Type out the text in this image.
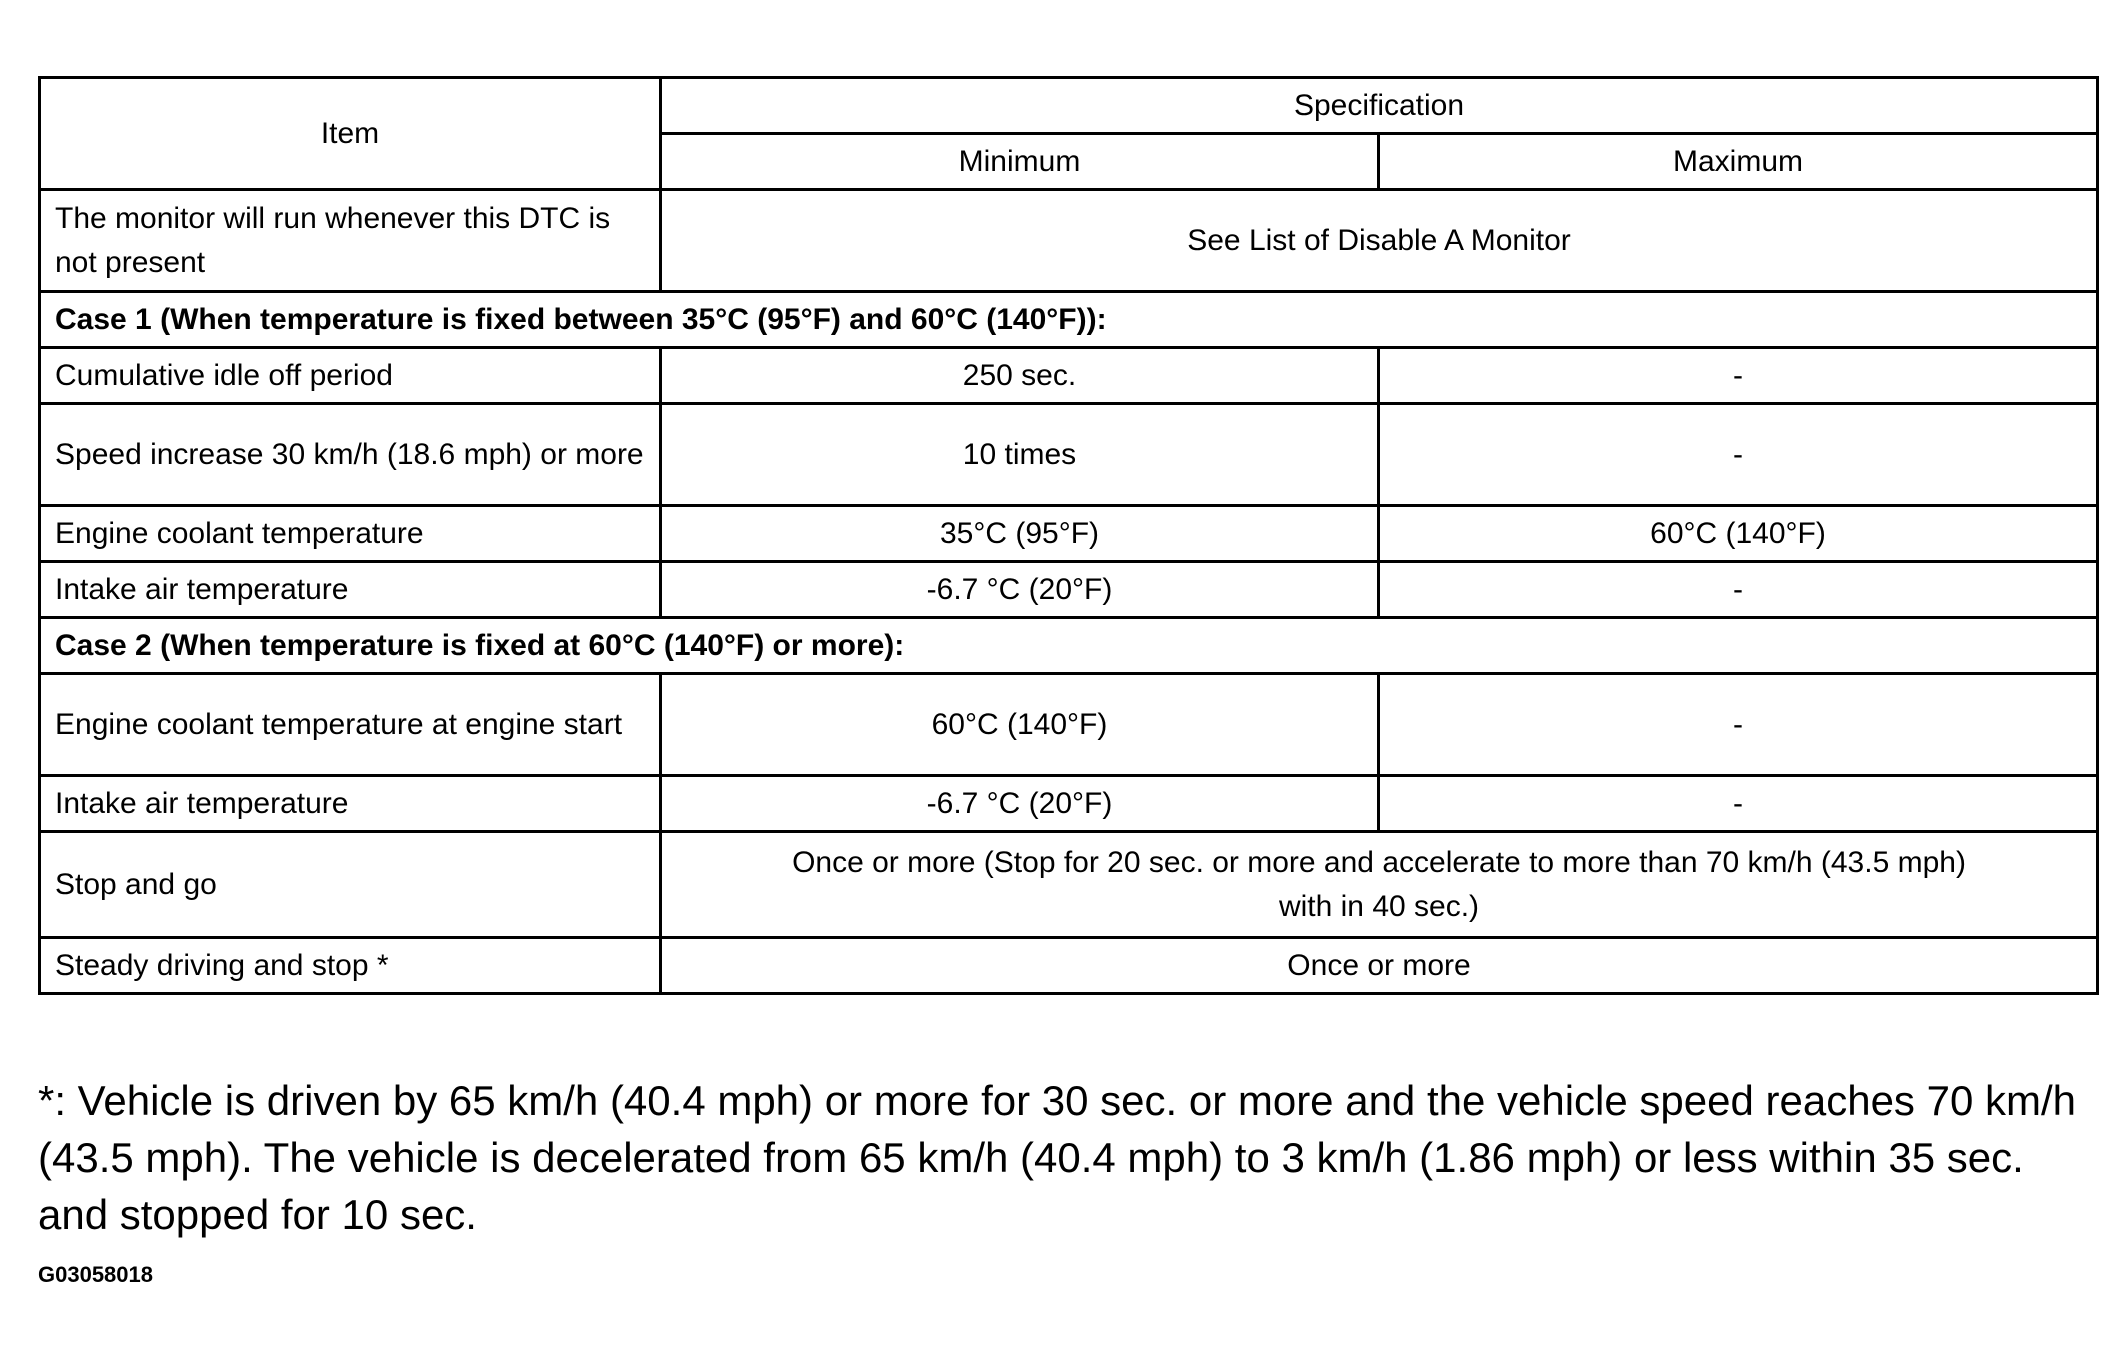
Item	Specification	
	Minimum	Maximum
The monitor will run whenever this DTC is not present	See List of Disable A Monitor	
Case 1 (When temperature is fixed between 35°C (95°F) and 60°C (140°F)):		
Cumulative idle off period	250 sec.	-
Speed increase 30 km/h (18.6 mph) or more	10 times	-
Engine coolant temperature	35°C (95°F)	60°C (140°F)
Intake air temperature	-6.7 °C (20°F)	-
Case 2 (When temperature is fixed at 60°C (140°F) or more):		
Engine coolant temperature at engine start	60°C (140°F)	-
Intake air temperature	-6.7 °C (20°F)	-
Stop and go	Once or more (Stop for 20 sec. or more and accelerate to more than 70 km/h (43.5 mph)
with in 40 sec.)	

Steady driving and stop *	Once or more	
*: Vehicle is driven by 65 km/h (40.4 mph) or more for 30 sec. or more and the vehicle speed reaches 70 km/h (43.5 mph). The vehicle is decelerated from 65 km/h (40.4 mph) to 3 km/h (1.86 mph) or less within 35 sec. and stopped for 10 sec.
G03058018
